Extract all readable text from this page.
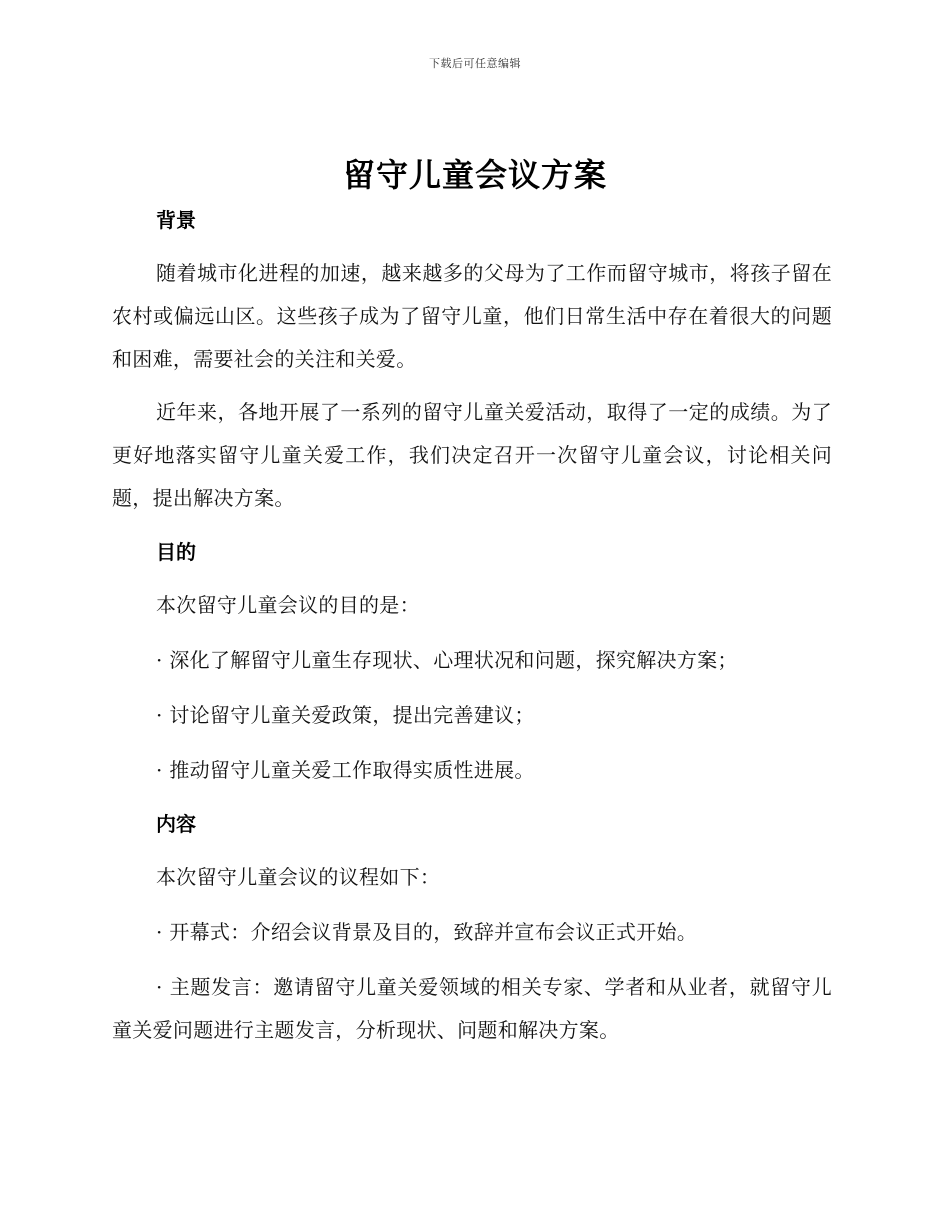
下载后可任意编辑
留守儿童会议方案
背景

随着城市化进程的加速，越来越多的父母为了工作而留守城市，将孩子留在农村或偏远山区。这些孩子成为了留守儿童，他们日常生活中存在着很大的问题和困难，需要社会的关注和关爱。

近年来，各地开展了一系列的留守儿童关爱活动，取得了一定的成绩。为了更好地落实留守儿童关爱工作，我们决定召开一次留守儿童会议，讨论相关问题，提出解决方案。

目的

本次留守儿童会议的目的是：

· 深化了解留守儿童生存现状、心理状况和问题，探究解决方案；

· 讨论留守儿童关爱政策，提出完善建议；

· 推动留守儿童关爱工作取得实质性进展。

内容

本次留守儿童会议的议程如下：

· 开幕式：介绍会议背景及目的，致辞并宣布会议正式开始。

· 主题发言：邀请留守儿童关爱领域的相关专家、学者和从业者，就留守儿童关爱问题进行主题发言，分析现状、问题和解决方案。
